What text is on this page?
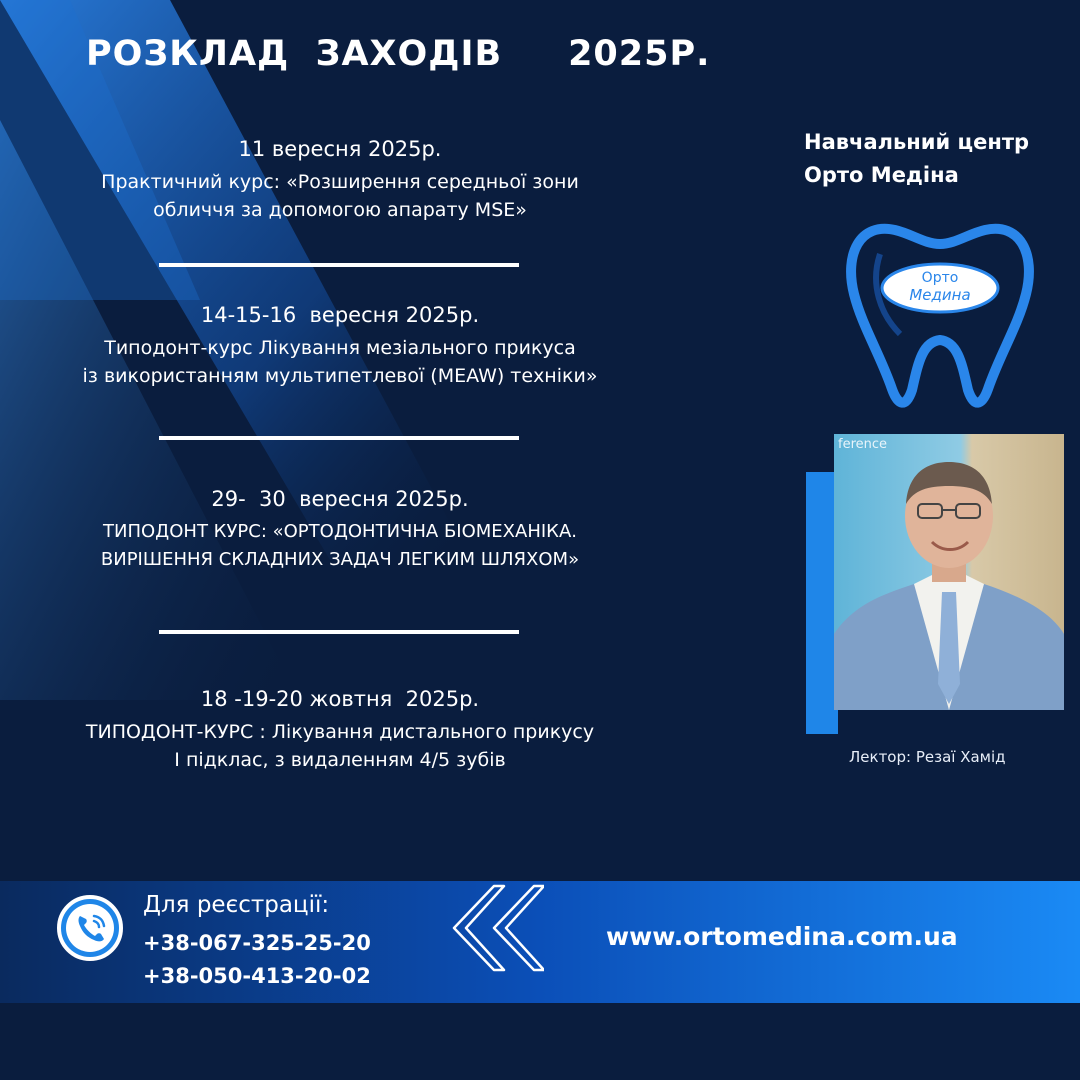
РОЗКЛАД  ЗАХОДІВ     2025Р.
11 вересня 2025р.
Практичний курс: «Розширення середньої зони
обличчя за допомогою апарату MSE»
14-15-16  вересня 2025р.
Типодонт-курс Лікування мезіального прикуса
із використанням мультипетлевої (MEAW) техніки»
29-  30  вересня 2025р.
ТИПОДОНТ КУРС: «ОРТОДОНТИЧНА БІОМЕХАНІКА.
ВИРІШЕННЯ СКЛАДНИХ ЗАДАЧ ЛЕГКИМ ШЛЯХОМ»
18 -19-20 жовтня  2025р.
ТИПОДОНТ-КУРС : Лікування дистального прикусу
І підклас, з видаленням 4/5 зубів
Навчальний центр
Орто Медіна
Орто
Медина
ference
Лектор: Резаї Хамід
Для реєстрації:
+38-067-325-25-20
+38-050-413-20-02
www.ortomedina.com.ua
